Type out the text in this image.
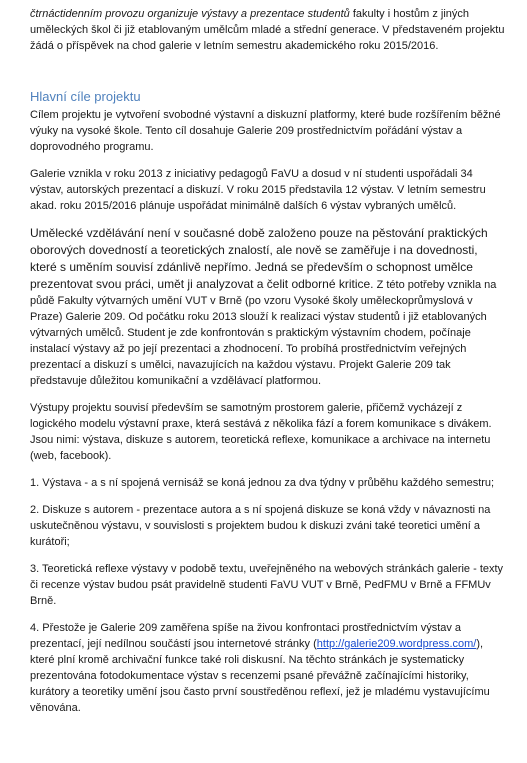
čtrnáctidenním provozu organizuje výstavy a prezentace studentů fakulty i hostům z jiných uměleckých škol či již etablovaným umělcům mladé a střední generace. V představeném projektu žádá o příspěvek na chod galerie v letním semestru akademického roku 2015/2016.

Hlavní cíle projektu

Cílem projektu je vytvoření svobodné výstavní a diskuzní platformy, které bude rozšířením běžné výuky na vysoké škole. Tento cíl dosahuje Galerie 209 prostřednictvím pořádání výstav a doprovodného programu.

Galerie vznikla v roku 2013 z iniciativy pedagogů FaVU a dosud v ní studenti uspořádali 34 výstav, autorských prezentací a diskuzí. V roku 2015 představila 12 výstav. V letním semestru akad. roku 2015/2016 plánuje uspořádat minimálně dalších 6 výstav vybraných umělců.

Umělecké vzdělávání není v současné době založeno pouze na pěstování praktických oborových dovedností a teoretických znalostí, ale nově se zaměřuje i na dovednosti, které s uměním souvisí zdánlivě nepřímo. Jedná se především o schopnost umělce prezentovat svou práci, umět ji analyzovat a čelit odborné kritice. Z této potřeby vznikla na půdě Fakulty výtvarných umění VUT v Brně (po vzoru Vysoké školy uměleckoprůmyslová v Praze) Galerie 209. Od počátku roku 2013 slouží k realizaci výstav studentů i již etablovaných výtvarných umělců. Student je zde konfrontován s praktickým výstavním chodem, počínaje instalací výstavy až po její prezentaci a zhodnocení. To probíhá prostřednictvím veřejných prezentací a diskuzí s umělci, navazujících na každou výstavu. Projekt Galerie 209 tak představuje důležitou komunikační a vzdělávací platformou.

Výstupy projektu souvisí především se samotným prostorem galerie, přičemž vycházejí z logického modelu výstavní praxe, která sestává z několika fází a forem komunikace s divákem. Jsou nimi: výstava, diskuze s autorem, teoretická reflexe, komunikace a archivace na internetu (web, facebook).

1. Výstava - a s ní spojená vernisáž se koná jednou za dva týdny v průběhu každého semestru;

2. Diskuze s autorem - prezentace autora a s ní spojená diskuze se koná vždy v návaznosti na uskutečněnou výstavu, v souvislosti s projektem budou k diskuzi zváni také teoretici umění a kurátoři;

3. Teoretická reflexe výstavy v podobě textu, uveřejněného na webových stránkách galerie - texty či recenze výstav budou psát pravidelně studenti FaVU VUT v Brně, PedFMU v Brně a FFMUv Brně.

4. Přestože je Galerie 209 zaměřena spíše na živou konfrontaci prostřednictvím výstav a prezentací, její nedílnou součástí jsou internetové stránky (http://galerie209.wordpress.com/), které plní kromě archivační funkce také roli diskusní. Na těchto stránkách je systematicky prezentována fotodokumentace výstav s recenzemi psané převážně začínajícími historiky, kurátory a teoretiky umění jsou často první soustředěnou reflexí, jež je mladému vystavujícímu věnována.
